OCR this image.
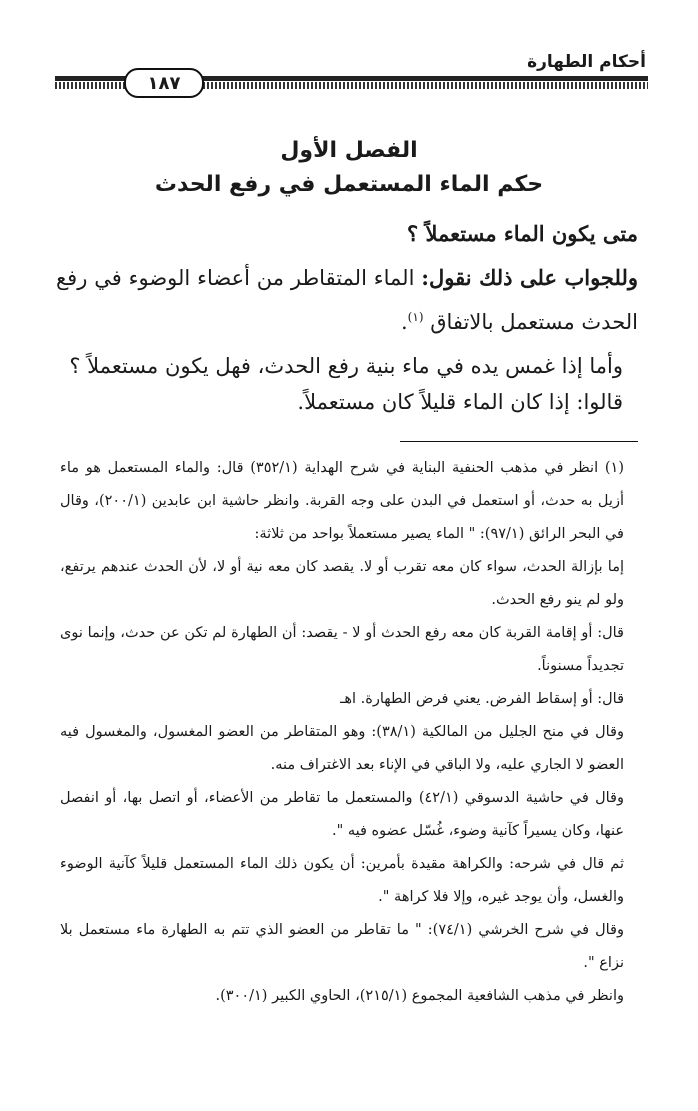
أحكام الطهارة
١٨٧
الفصل الأول
حكم الماء المستعمل في رفع الحدث

متى يكون الماء مستعملاً ؟

وللجواب على ذلك نقول: الماء المتقاطر من أعضاء الوضوء في رفع الحدث مستعمل بالاتفاق $^{(١)}$.

وأما إذا غمس يده في ماء بنية رفع الحدث، فهل يكون مستعملاً ؟

قالوا: إذا كان الماء قليلاً كان مستعملاً.

(١) انظر في مذهب الحنفية البناية في شرح الهداية (٣٥٢/١) قال: والماء المستعمل هو ماء أزيل به حدث، أو استعمل في البدن على وجه القربة. وانظر حاشية ابن عابدين (٢٠٠/١)، وقال في البحر الرائق (٩٧/١): " الماء يصير مستعملاً بواحد من ثلاثة:

إما بإزالة الحدث، سواء كان معه تقرب أو لا. يقصد كان معه نية أو لا، لأن الحدث عندهم يرتفع، ولو لم ينو رفع الحدث.

قال: أو إقامة القربة كان معه رفع الحدث أو لا - يقصد: أن الطهارة لم تكن عن حدث، وإنما نوى تجديداً مسنوناً.

قال: أو إسقاط الفرض. يعني فرض الطهارة. اهـ

وقال في منح الجليل من المالكية (٣٨/١): وهو المتقاطر من العضو المغسول، والمغسول فيه العضو لا الجاري عليه، ولا الباقي في الإناء بعد الاغتراف منه.

وقال في حاشية الدسوقي (٤٢/١) والمستعمل ما تقاطر من الأعضاء، أو اتصل بها، أو انفصل عنها، وكان يسيراً كآنية وضوء، غُسّل عضوه فيه ".

ثم قال في شرحه: والكراهة مقيدة بأمرين: أن يكون ذلك الماء المستعمل قليلاً كآنية الوضوء والغسل، وأن يوجد غيره، وإلا فلا كراهة ".

وقال في شرح الخرشي (٧٤/١): " ما تقاطر من العضو الذي تتم به الطهارة ماء مستعمل بلا نزاع ".

وانظر في مذهب الشافعية المجموع (٢١٥/١)، الحاوي الكبير (٣٠٠/١).
